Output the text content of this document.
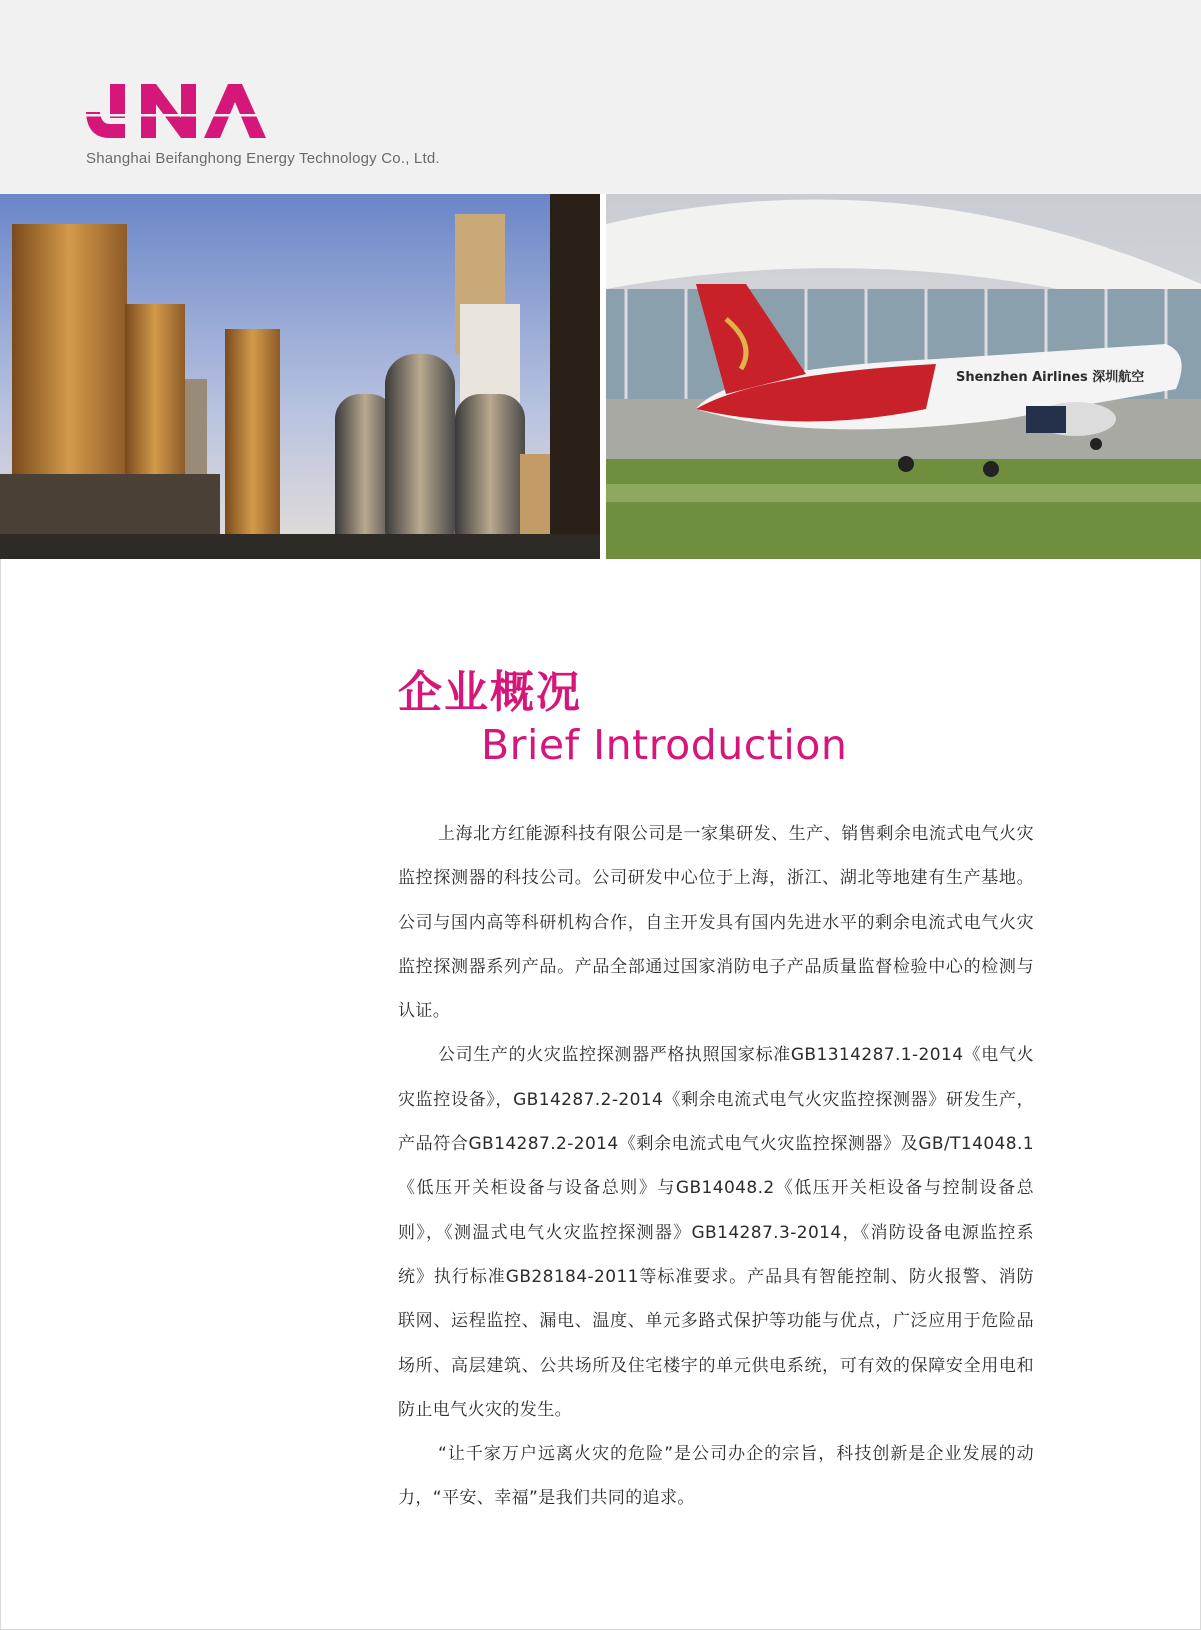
Shanghai Beifanghong Energy Technology Co., Ltd.
Shenzhen Airlines 深圳航空
企业概况
Brief Introduction

上海北方红能源科技有限公司是一家集研发、生产、销售剩余电流式电气火灾监控探测器的科技公司。公司研发中心位于上海，浙江、湖北等地建有生产基地。公司与国内高等科研机构合作，自主开发具有国内先进水平的剩余电流式电气火灾监控探测器系列产品。产品全部通过国家消防电子产品质量监督检验中心的检测与认证。

公司生产的火灾监控探测器严格执照国家标准GB1314287.1-2014《电气火灾监控设备》，GB14287.2-2014《剩余电流式电气火灾监控探测器》研发生产，产品符合GB14287.2-2014《剩余电流式电气火灾监控探测器》及GB/T14048.1《低压开关柜设备与设备总则》与GB14048.2《低压开关柜设备与控制设备总则》，《测温式电气火灾监控探测器》GB14287.3-2014，《消防设备电源监控系统》执行标准GB28184-2011等标准要求。产品具有智能控制、防火报警、消防联网、运程监控、漏电、温度、单元多路式保护等功能与优点，广泛应用于危险品场所、高层建筑、公共场所及住宅楼宇的单元供电系统，可有效的保障安全用电和防止电气火灾的发生。

“让千家万户远离火灾的危险”是公司办企的宗旨，科技创新是企业发展的动力，“平安、幸福”是我们共同的追求。
